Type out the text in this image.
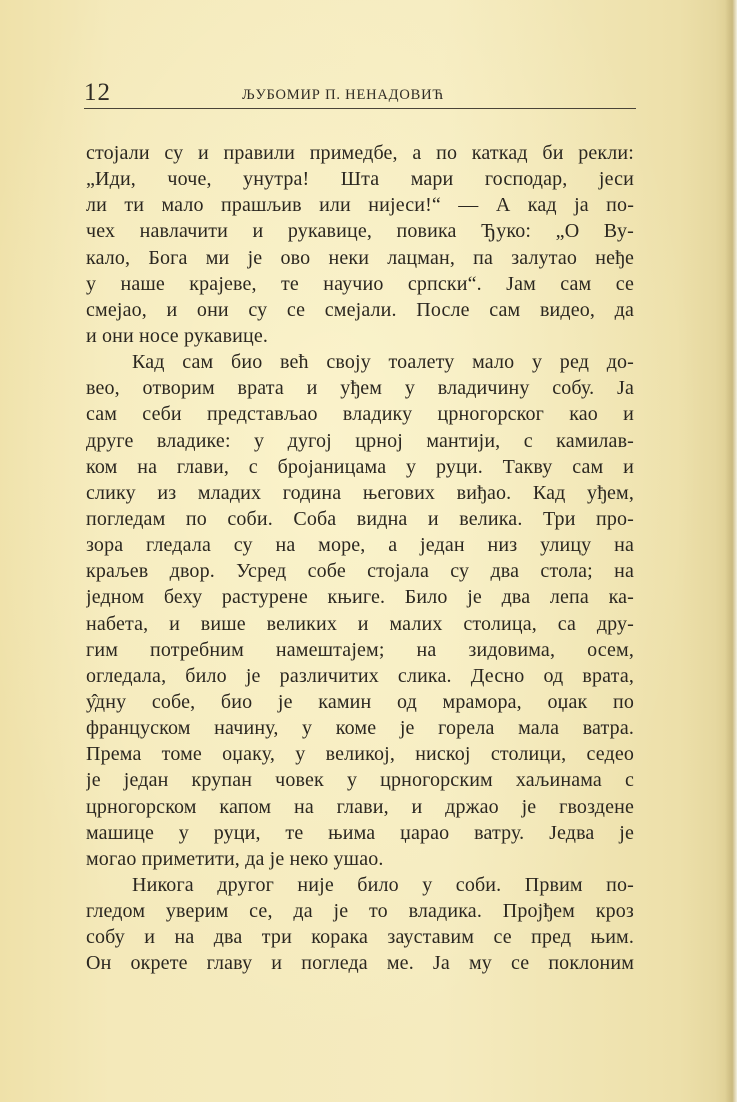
12	ЉУБОМИР П. НЕНАДОВИЋ
стојали су и правили примедбе, а по каткад би рекли:
„Иди, чоче, унутра! Шта мари господар, јеси
ли ти мало прашљив или нијеси!“ — А кад ја по-
чех навлачити и рукавице, повика Ђуко: „О Ву-
кало, Бога ми је ово неки лацман, па залутао неђе
у наше крајеве, те научио српски“. Јам сам се
смејао, и они су се смејали. После сам видео, да
и они носе рукавице.
Кад сам био већ своју тоалету мало у ред до-
вео, отворим врата и уђем у владичину собу. Ја
сам себи представљао владику црногорског као и
друге владике: у дугој црној мантији, с камилав-
ком на глави, с бројаницама у руци. Такву сам и
слику из младих година његових виђао. Кад уђем,
погледам по соби. Соба видна и велика. Три про-
зора гледала су на море, а један низ улицу на
краљев двор. Усред собе стојала су два стола; на
једном беху растурене књиге. Било је два лепа ка-
набета, и више великих и малих столица, са дру-
гим потребним намештајем; на зидовима, осем,
огледала, било је различитих слика. Десно од врата,
у̂дну собе, био је камин од мрамора, оџак по
француском начину, у коме је горела мала ватра.
Према томе оџаку, у великој, ниској столици, седео
је један крупан човек у црногорским хаљинама с
црногорском капом на глави, и држао је гвоздене
машице у руци, те њима џарао ватру. Једва је
могао приметити, да је неко ушао.
Никога другог није било у соби. Првим по-
гледом уверим се, да је то владика. Пројђем кроз
собу и на два три корака зауставим се пред њим.
Он окрете главу и погледа ме. Ја му се поклоним
